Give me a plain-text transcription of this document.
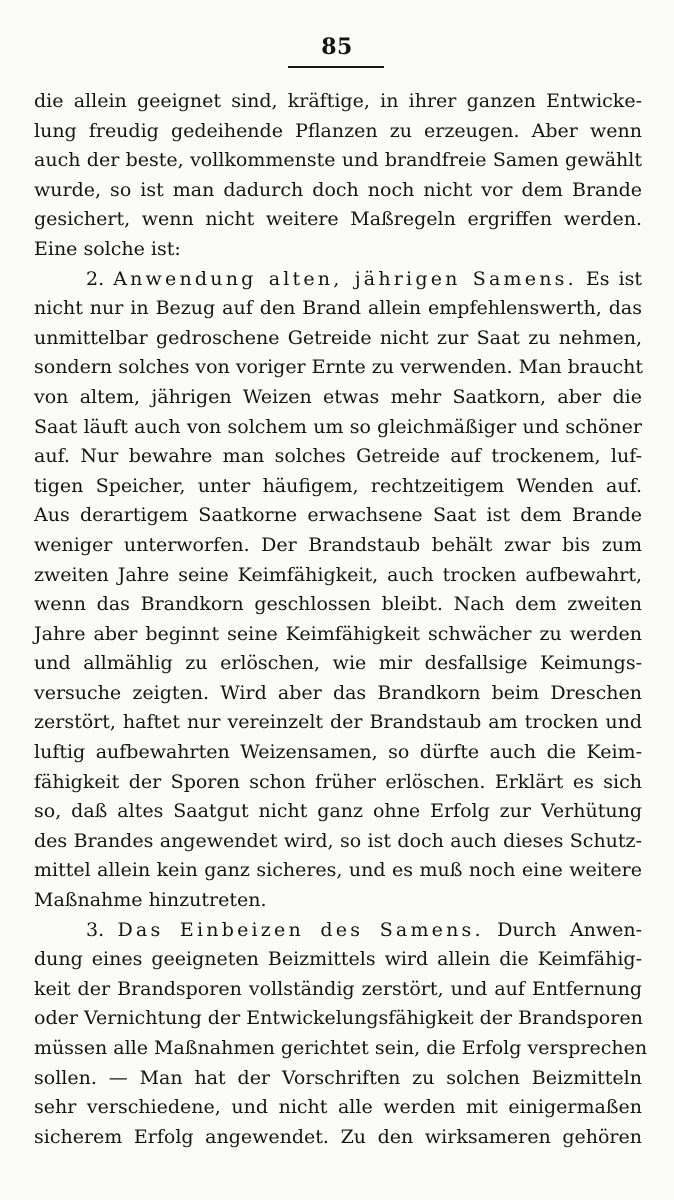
85
die allein geeignet sind, kräftige, in ihrer ganzen Entwicke-
lung freudig gedeihende Pflanzen zu erzeugen. Aber wenn
auch der beste, vollkommenste und brandfreie Samen gewählt
wurde, so ist man dadurch doch noch nicht vor dem Brande
gesichert, wenn nicht weitere Maßregeln ergriffen werden.
Eine solche ist:
2. Anwendung alten, jährigen Samens. Es ist
nicht nur in Bezug auf den Brand allein empfehlenswerth, das
unmittelbar gedroschene Getreide nicht zur Saat zu nehmen,
sondern solches von voriger Ernte zu verwenden. Man braucht
von altem, jährigen Weizen etwas mehr Saatkorn, aber die
Saat läuft auch von solchem um so gleichmäßiger und schöner
auf. Nur bewahre man solches Getreide auf trockenem, luf-
tigen Speicher, unter häufigem, rechtzeitigem Wenden auf.
Aus derartigem Saatkorne erwachsene Saat ist dem Brande
weniger unterworfen. Der Brandstaub behält zwar bis zum
zweiten Jahre seine Keimfähigkeit, auch trocken aufbewahrt,
wenn das Brandkorn geschlossen bleibt. Nach dem zweiten
Jahre aber beginnt seine Keimfähigkeit schwächer zu werden
und allmählig zu erlöschen, wie mir desfallsige Keimungs-
versuche zeigten. Wird aber das Brandkorn beim Dreschen
zerstört, haftet nur vereinzelt der Brandstaub am trocken und
luftig aufbewahrten Weizensamen, so dürfte auch die Keim-
fähigkeit der Sporen schon früher erlöschen. Erklärt es sich
so, daß altes Saatgut nicht ganz ohne Erfolg zur Verhütung
des Brandes angewendet wird, so ist doch auch dieses Schutz-
mittel allein kein ganz sicheres, und es muß noch eine weitere
Maßnahme hinzutreten.
3. Das Einbeizen des Samens. Durch Anwen-
dung eines geeigneten Beizmittels wird allein die Keimfähig-
keit der Brandsporen vollständig zerstört, und auf Entfernung
oder Vernichtung der Entwickelungsfähigkeit der Brandsporen
müssen alle Maßnahmen gerichtet sein, die Erfolg versprechen
sollen. — Man hat der Vorschriften zu solchen Beizmitteln
sehr verschiedene, und nicht alle werden mit einigermaßen
sicherem Erfolg angewendet. Zu den wirksameren gehören
